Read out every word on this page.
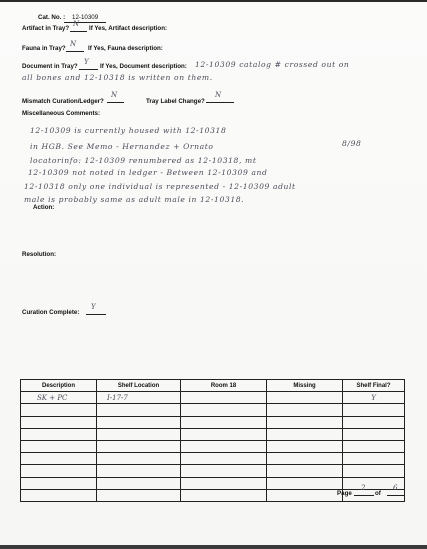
Cat. No. : 12-10309
Artifact in Tray?
N
If Yes, Artifact description:
Fauna in Tray?
N
If Yes, Fauna description:
Document in Tray?
Y
If Yes, Document description: 12-10309 catalog # crossed out on
all bones and 12-10318 is written on them.
Mismatch Curation/Ledger?
N
Tray Label Change?
N
Miscellaneous Comments:
12-10309 is currently housed with 12-10318
in HGB. See Memo - Hernandez + Ornato	8/98
locatorinfo: 12-10309 renumbered as 12-10318, mt
12-10309 not noted in ledger - Between 12-10309 and
12-10318 only one individual is represented - 12-10309 adult
male is probably same as adult male in 12-10318.
Action:
Resolution:
Curation Complete:
Y
Description	Shelf Location	Room 18	Missing	Shelf Final?
SK + PC	I-17-7			Y

Page
2
of
6
